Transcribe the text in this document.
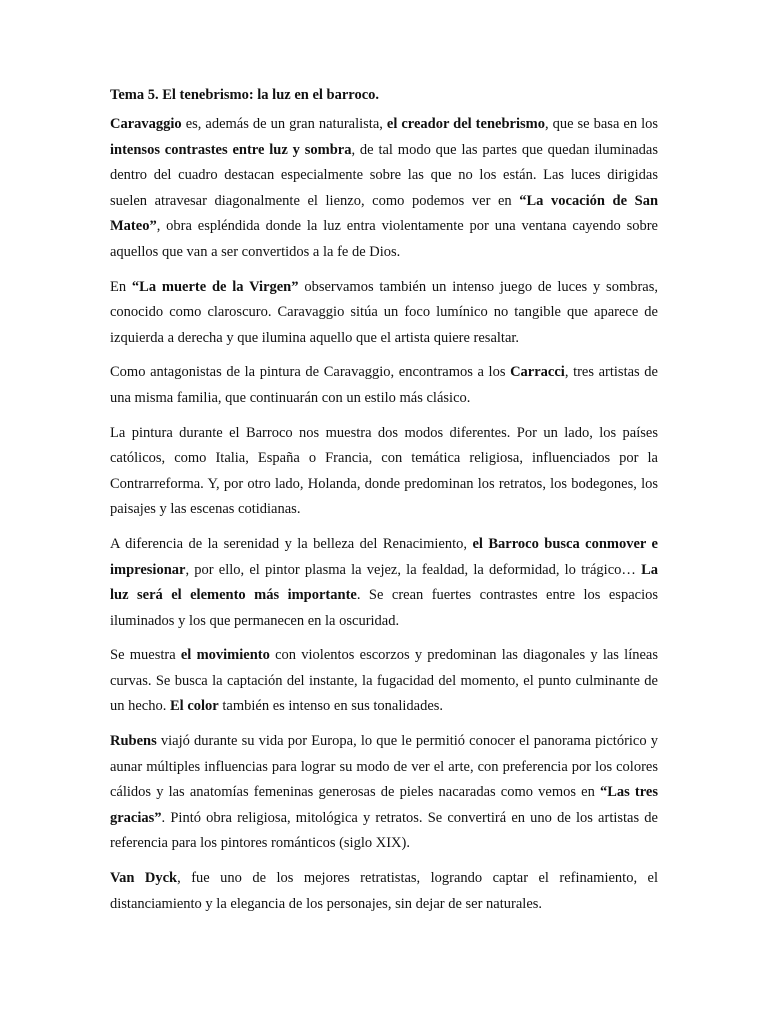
Tema 5. El tenebrismo: la luz en el barroco.

Caravaggio es, además de un gran naturalista, el creador del tenebrismo, que se basa en los intensos contrastes entre luz y sombra, de tal modo que las partes que quedan iluminadas dentro del cuadro destacan especialmente sobre las que no los están. Las luces dirigidas suelen atravesar diagonalmente el lienzo, como podemos ver en “La vocación de San Mateo”, obra espléndida donde la luz entra violentamente por una ventana cayendo sobre aquellos que van a ser convertidos a la fe de Dios.

En “La muerte de la Virgen” observamos también un intenso juego de luces y sombras, conocido como claroscuro. Caravaggio sitúa un foco lumínico no tangible que aparece de izquierda a derecha y que ilumina aquello que el artista quiere resaltar.

Como antagonistas de la pintura de Caravaggio, encontramos a los Carracci, tres artistas de una misma familia, que continuarán con un estilo más clásico.

La pintura durante el Barroco nos muestra dos modos diferentes. Por un lado, los países católicos, como Italia, España o Francia, con temática religiosa, influenciados por la Contrarreforma. Y, por otro lado, Holanda, donde predominan los retratos, los bodegones, los paisajes y las escenas cotidianas.

A diferencia de la serenidad y la belleza del Renacimiento, el Barroco busca conmover e impresionar, por ello, el pintor plasma la vejez, la fealdad, la deformidad, lo trágico… La luz será el elemento más importante. Se crean fuertes contrastes entre los espacios iluminados y los que permanecen en la oscuridad.

Se muestra el movimiento con violentos escorzos y predominan las diagonales y las líneas curvas. Se busca la captación del instante, la fugacidad del momento, el punto culminante de un hecho. El color también es intenso en sus tonalidades.

Rubens viajó durante su vida por Europa, lo que le permitió conocer el panorama pictórico y aunar múltiples influencias para lograr su modo de ver el arte, con preferencia por los colores cálidos y las anatomías femeninas generosas de pieles nacaradas como vemos en “Las tres gracias”. Pintó obra religiosa, mitológica y retratos. Se convertirá en uno de los artistas de referencia para los pintores románticos (siglo XIX).

Van Dyck, fue uno de los mejores retratistas, logrando captar el refinamiento, el distanciamiento y la elegancia de los personajes, sin dejar de ser naturales.
